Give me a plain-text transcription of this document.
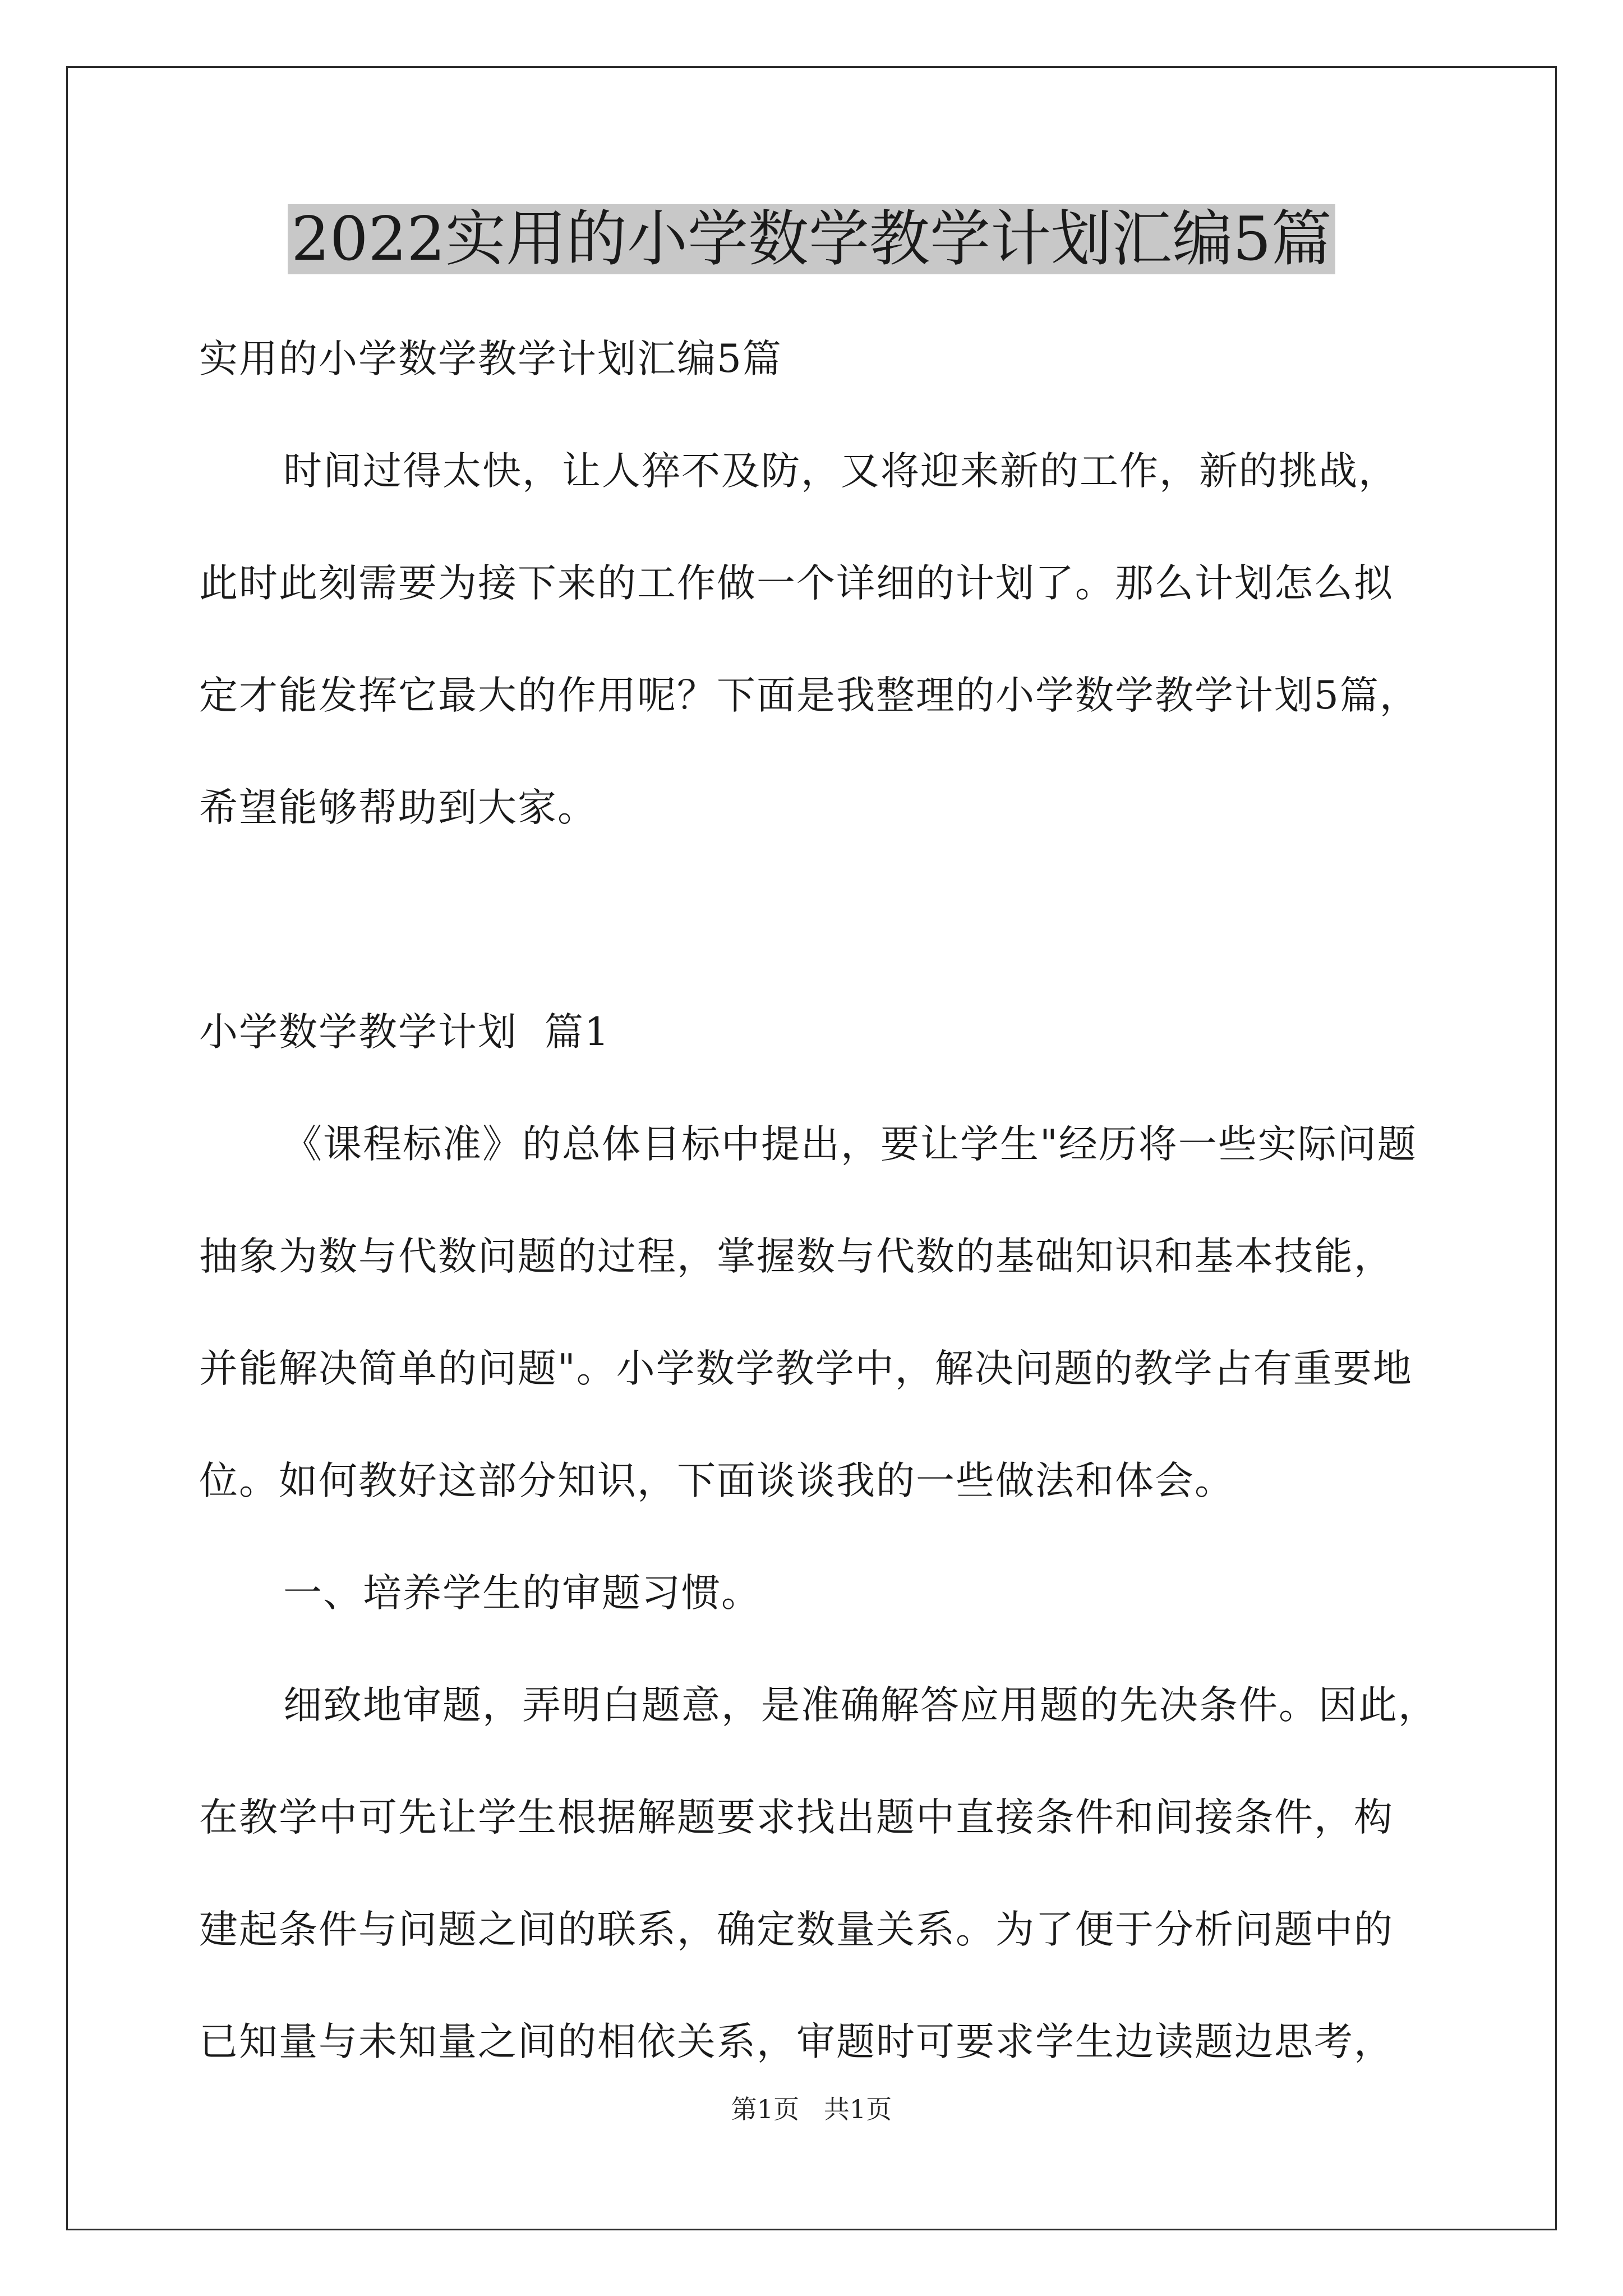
2022实用的小学数学教学计划汇编5篇
实用的小学数学教学计划汇编5篇
时间过得太快，让人猝不及防，又将迎来新的工作，新的挑战，
此时此刻需要为接下来的工作做一个详细的计划了。那么计划怎么拟
定才能发挥它最大的作用呢？下面是我整理的小学数学教学计划5篇，
希望能够帮助到大家。
小学数学教学计划  篇1
《课程标准》的总体目标中提出，要让学生"经历将一些实际问题
抽象为数与代数问题的过程，掌握数与代数的基础知识和基本技能，
并能解决简单的问题"。小学数学教学中，解决问题的教学占有重要地
位。如何教好这部分知识，下面谈谈我的一些做法和体会。
一、培养学生的审题习惯。
细致地审题，弄明白题意，是准确解答应用题的先决条件。因此，
在教学中可先让学生根据解题要求找出题中直接条件和间接条件，构
建起条件与问题之间的联系，确定数量关系。为了便于分析问题中的
已知量与未知量之间的相依关系，审题时可要求学生边读题边思考，
第1页   共1页
